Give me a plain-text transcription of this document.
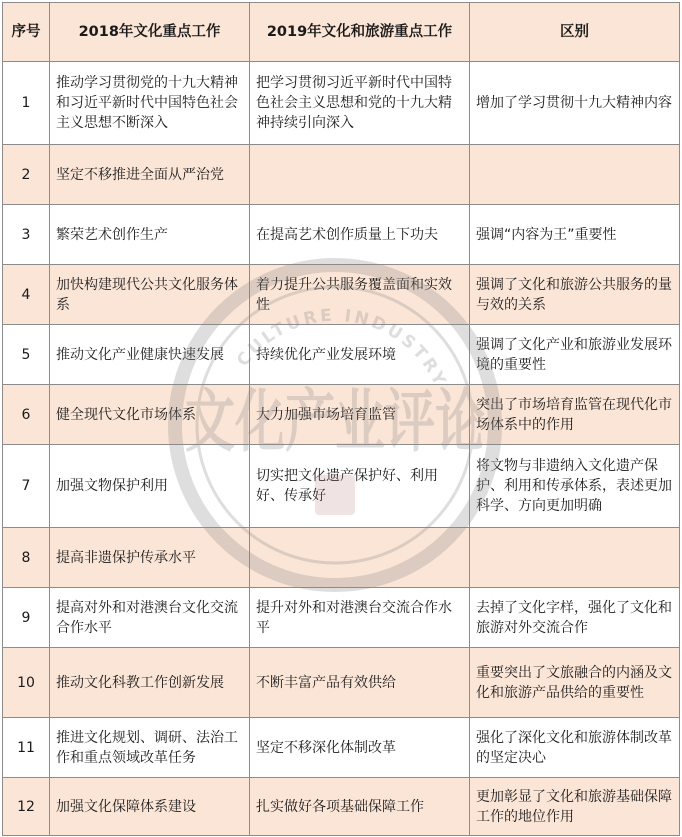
序号	2018年文化重点工作	2019年文化和旅游重点工作	区别
1	推动学习贯彻党的十九大精神和习近平新时代中国特色社会主义思想不断深入	把学习贯彻习近平新时代中国特色社会主义思想和党的十九大精神持续引向深入	增加了学习贯彻十九大精神内容
2	坚定不移推进全面从严治党		
3	繁荣艺术创作生产	在提高艺术创作质量上下功夫	强调“内容为王”重要性
4	加快构建现代公共文化服务体系	着力提升公共服务覆盖面和实效性	强调了文化和旅游公共服务的量与效的关系
5	推动文化产业健康快速发展	持续优化产业发展环境	强调了文化产业和旅游业发展环境的重要性
6	健全现代文化市场体系	大力加强市场培育监管	突出了市场培育监管在现代化市场体系中的作用
7	加强文物保护利用	切实把文化遗产保护好、利用好、传承好	将文物与非遗纳入文化遗产保护、利用和传承体系，表述更加科学、方向更加明确
8	提高非遗保护传承水平		
9	提高对外和对港澳台文化交流合作水平	提升对外和对港澳台交流合作水平	去掉了文化字样，强化了文化和旅游对外交流合作
10	推动文化科教工作创新发展	不断丰富产品有效供给	重要突出了文旅融合的内涵及文化和旅游产品供给的重要性
11	推进文化规划、调研、法治工作和重点领域改革任务	坚定不移深化体制改革	强化了深化文化和旅游体制改革的坚定决心
12	加强文化保障体系建设	扎实做好各项基础保障工作	更加彰显了文化和旅游基础保障工作的地位作用
CULTURE INDUSTRY
文化产业评论
